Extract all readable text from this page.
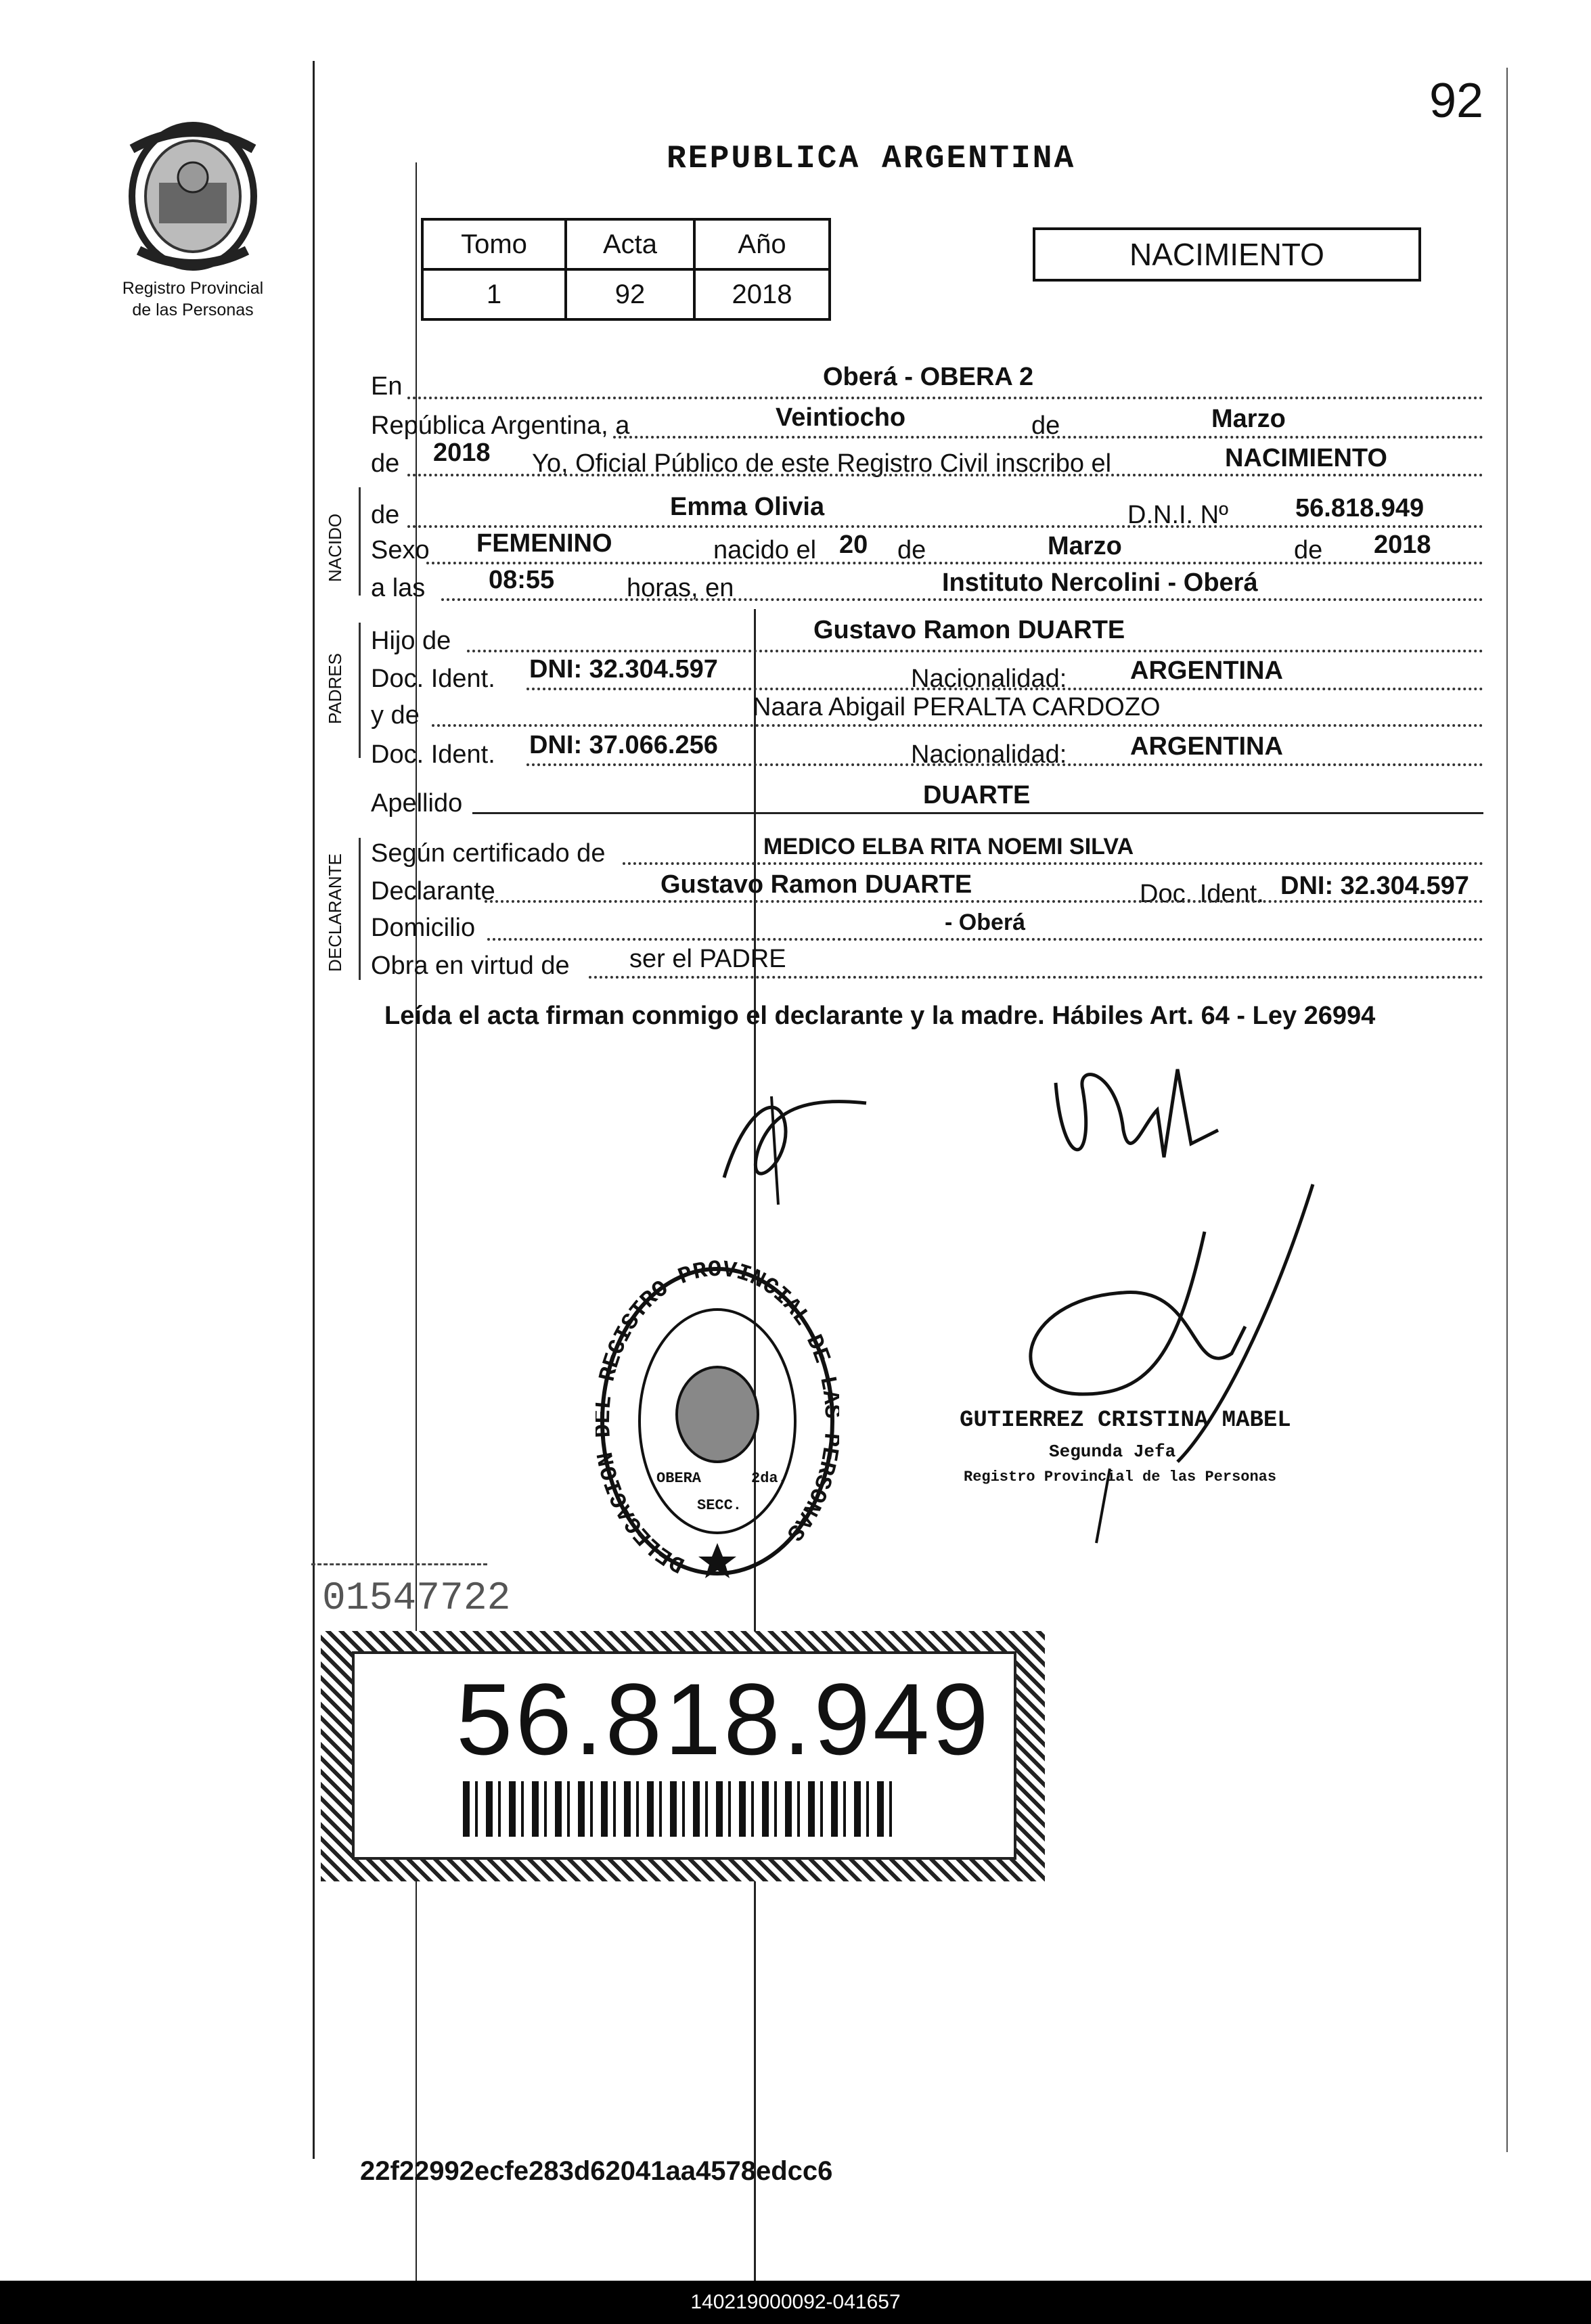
92
Registro Provincial
de las Personas
REPUBLICA ARGENTINA
Tomo	Acta	Año
1	92	2018
NACIMIENTO
En	Oberá - OBERA 2
República Argentina, a	Veintiocho	de	Marzo
de 2018 Yo, Oficial Público de este Registro Civil inscribo el	NACIMIENTO
NACIDO de	Emma Olivia	D.N.I. Nº	56.818.949
Sexo FEMENINO	nacido el 20 de	Marzo	de 2018
a las 08:55	horas, en	Instituto Nercolini - Oberá
PADRES
Hijo de	Gustavo Ramon DUARTE
Doc. Ident. DNI: 32.304.597	Nacionalidad: ARGENTINA
y de	Naara Abigail PERALTA CARDOZO
Doc. Ident. DNI: 37.066.256	Nacionalidad: ARGENTINA
Apellido	DUARTE
DECLARANTE
Según certificado de	MEDICO ELBA RITA NOEMI SILVA
Declarante	Gustavo Ramon DUARTE	Doc. Ident. DNI: 32.304.597
Domicilio	- Oberá
Obra en virtud de ser el PADRE
Leída el acta firman conmigo el declarante y la madre. Hábiles Art. 64 - Ley 26994
DELEGACION REGISTRO PROVINCIAL DE L RSONAS
OBERA	2da.
SECC.
GUTIERREZ CRISTINA MABEL
Segunda Jefa
Registro Provincial de las Personas
01547722
56.818.949
22f22992ecfe283d62041aa4578edcc6
140219000092-041657
